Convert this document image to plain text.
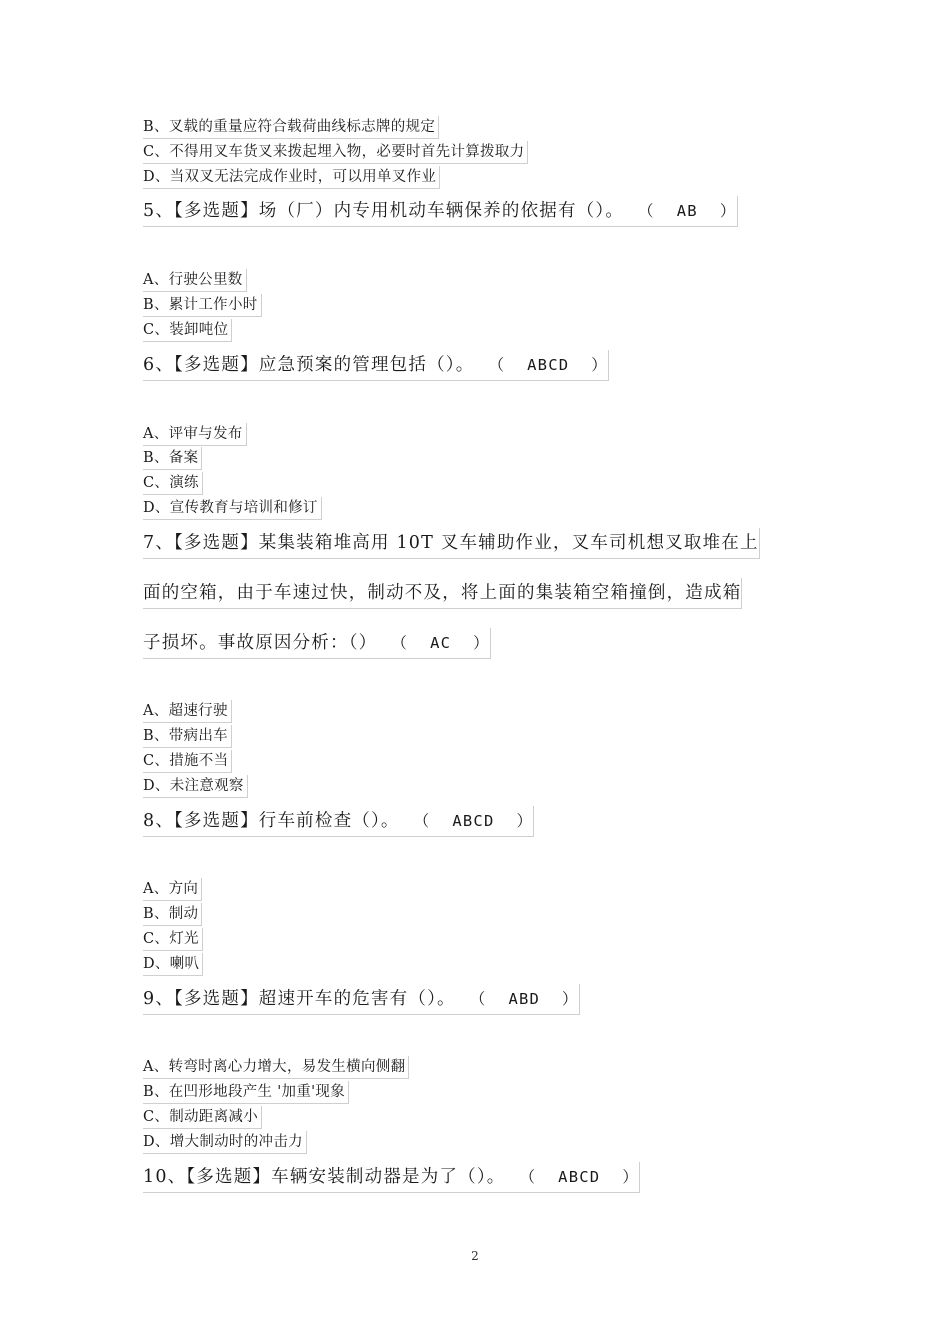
B、叉载的重量应符合载荷曲线标志牌的规定
C、不得用叉车货叉来拨起埋入物，必要时首先计算拨取力
D、当双叉无法完成作业时，可以用单叉作业
5、【多选题】场（厂）内专用机动车辆保养的依据有（）。 （ AB ）
A、行驶公里数
B、累计工作小时
C、装卸吨位
6、【多选题】应急预案的管理包括（）。 （ ABCD ）
A、评审与发布
B、备案
C、演练
D、宣传教育与培训和修订
7、【多选题】某集装箱堆高用 10T 叉车辅助作业，叉车司机想叉取堆在上
面的空箱，由于车速过快，制动不及，将上面的集装箱空箱撞倒，造成箱
子损坏。事故原因分析：（） （ AC ）
A、超速行驶
B、带病出车
C、措施不当
D、未注意观察
8、【多选题】行车前检查（）。 （ ABCD ）
A、方向
B、制动
C、灯光
D、喇叭
9、【多选题】超速开车的危害有（）。 （ ABD ）
A、转弯时离心力增大，易发生横向侧翻
B、在凹形地段产生 '加重'现象
C、制动距离减小
D、增大制动时的冲击力
10、【多选题】车辆安装制动器是为了（）。 （ ABCD ）
2
